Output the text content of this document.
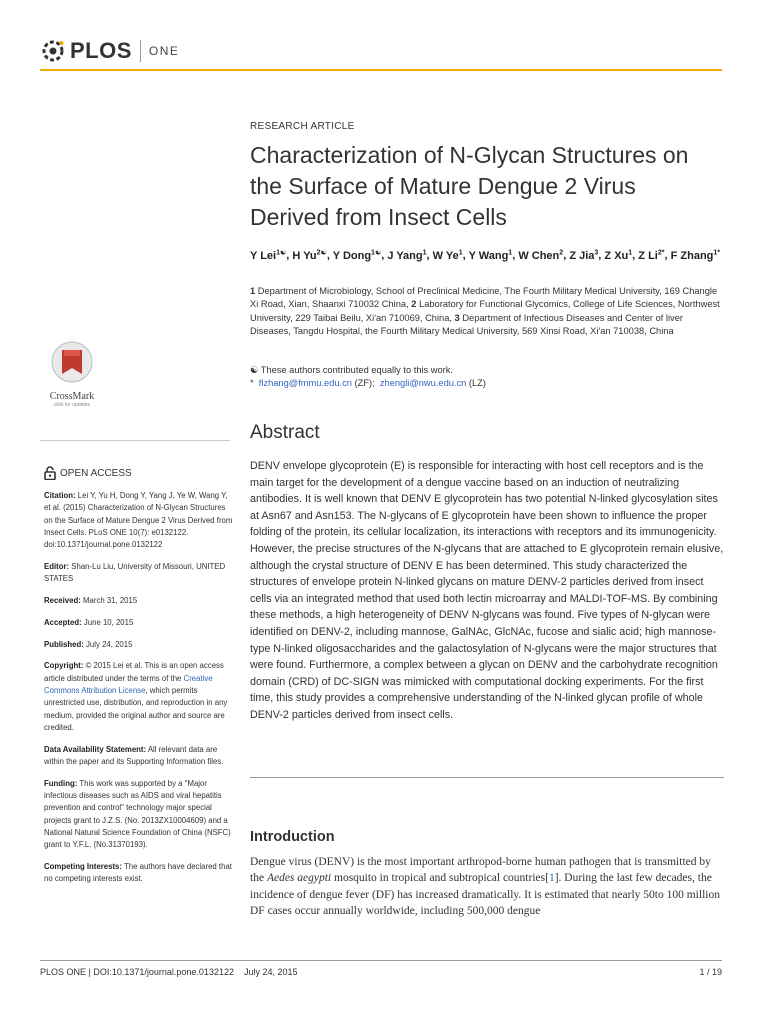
PLOS ONE
RESEARCH ARTICLE
Characterization of N-Glycan Structures on the Surface of Mature Dengue 2 Virus Derived from Insect Cells
Y Lei$^{1☯}$, H $Yu^{2☯}$, Y Dong$^{1☯}$, J Yang$^1$, W Ye$^1$, Y Wang$^1$, W Chen$^2$, Z Jia$^3$, Z Xu$^1$, Z $Li^{2*}$, F Zhang$^{1*}$
1 Department of Microbiology, School of Preclinical Medicine, The Fourth Military Medical University, 169 Changle Xi Road, Xian, Shaanxi 710032 China, 2 Laboratory for Functional Glycomics, College of Life Sciences, Northwest University, 229 Taibai Beilu, Xi'an 710069, China, 3 Department of Infectious Diseases and Center of liver Diseases, Tangdu Hospital, the Fourth Military Medical University, 569 Xinsi Road, Xi'an 710038, China
☯ These authors contributed equally to this work.
* flzhang@fmmu.edu.cn (ZF); zhengli@nwu.edu.cn (LZ)
CrossMark
click for updates
OPEN ACCESS

Citation: Lei Y, Yu H, Dong Y, Yang J, Ye W, Wang Y, et al. (2015) Characterization of N-Glycan Structures on the Surface of Mature Dengue 2 Virus Derived from Insect Cells. PLoS ONE 10(7): e0132122. doi:10.1371/journal.pone.0132122

Editor: Shan-Lu Liu, University of Missouri, UNITED STATES

Received: March 31, 2015

Accepted: June 10, 2015

Published: July 24, 2015

Copyright: © 2015 Lei et al. This is an open access article distributed under the terms of the Creative Commons Attribution License, which permits unrestricted use, distribution, and reproduction in any medium, provided the original author and source are credited.

Data Availability Statement: All relevant data are within the paper and its Supporting Information files.

Funding: This work was supported by a "Major infectious diseases such as AIDS and viral hepatitis prevention and control" technology major special projects grant to J.Z.S. (No. 2013ZX10004609) and a National Natural Science Foundation of China (NSFC) grant to Y.F.L. (No.31370193).

Competing Interests: The authors have declared that no competing interests exist.

Abstract
DENV envelope glycoprotein (E) is responsible for interacting with host cell receptors and is the main target for the development of a dengue vaccine based on an induction of neutralizing antibodies. It is well known that DENV E glycoprotein has two potential N-linked glycosylation sites at Asn67 and Asn153. The N-glycans of E glycoprotein have been shown to influence the proper folding of the protein, its cellular localization, its interactions with receptors and its immunogenicity. However, the precise structures of the N-glycans that are attached to E glycoprotein remain elusive, although the crystal structure of DENV E has been determined. This study characterized the structures of envelope protein N-linked glycans on mature DENV-2 particles derived from insect cells via an integrated method that used both lectin microarray and MALDI-TOF-MS. By combining these methods, a high heterogeneity of DENV N-glycans was found. Five types of N-glycan were identified on DENV-2, including mannose, GalNAc, GlcNAc, fucose and sialic acid; high mannose-type N-linked oligosaccharides and the galactosylation of N-glycans were the major structures that were found. Furthermore, a complex between a glycan on DENV and the carbohydrate recognition domain (CRD) of DC-SIGN was mimicked with computational docking experiments. For the first time, this study provides a comprehensive understanding of the N-linked glycan profile of whole DENV-2 particles derived from insect cells.
Introduction
Dengue virus (DENV) is the most important arthropod-borne human pathogen that is transmitted by the Aedes aegypti mosquito in tropical and subtropical countries[1]. During the last few decades, the incidence of dengue fever (DF) has increased dramatically. It is estimated that nearly 50to 100 million DF cases occur annually worldwide, including 500,000 dengue
PLOS ONE | DOI:10.1371/journal.pone.0132122    July 24, 2015	1 / 19
